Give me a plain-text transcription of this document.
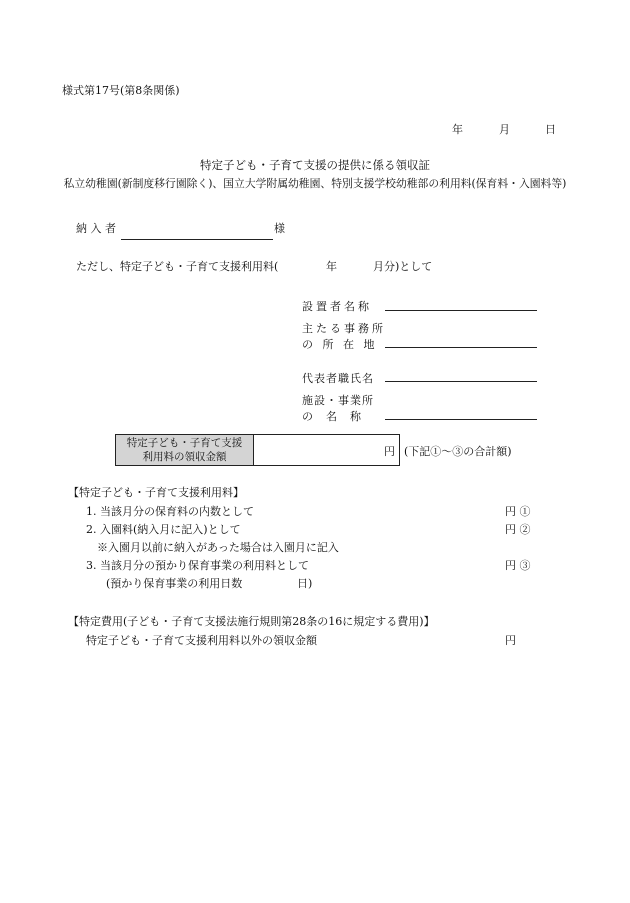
様式第17号(第8条関係)
年	月	日
特定子ども・子育て支援の提供に係る領収証
私立幼稚園(新制度移行園除く)、国立大学附属幼稚園、特別支援学校幼稚部の利用料(保育料・入園料等)
納 入 者	様
ただし、特定子ども・子育て支援利用料(	年	月分)として
設置者名称
主たる事務所
の 所 在 地
代表者職氏名
施設・事業所
の　名　称
特定子ども・子育て支援
利用料の領収金額	円 (下記①～③の合計額)
【特定子ども・子育て支援利用料】
1. 当該月分の保育料の内数として	円 ①
2. 入園料(納入月に記入)として	円 ②
※入園月以前に納入があった場合は入園月に記入
3. 当該月分の預かり保育事業の利用料として	円 ③
(預かり保育事業の利用日数	日)
【特定費用(子ども・子育て支援法施行規則第28条の16に規定する費用)】
特定子ども・子育て支援利用料以外の領収金額	円
